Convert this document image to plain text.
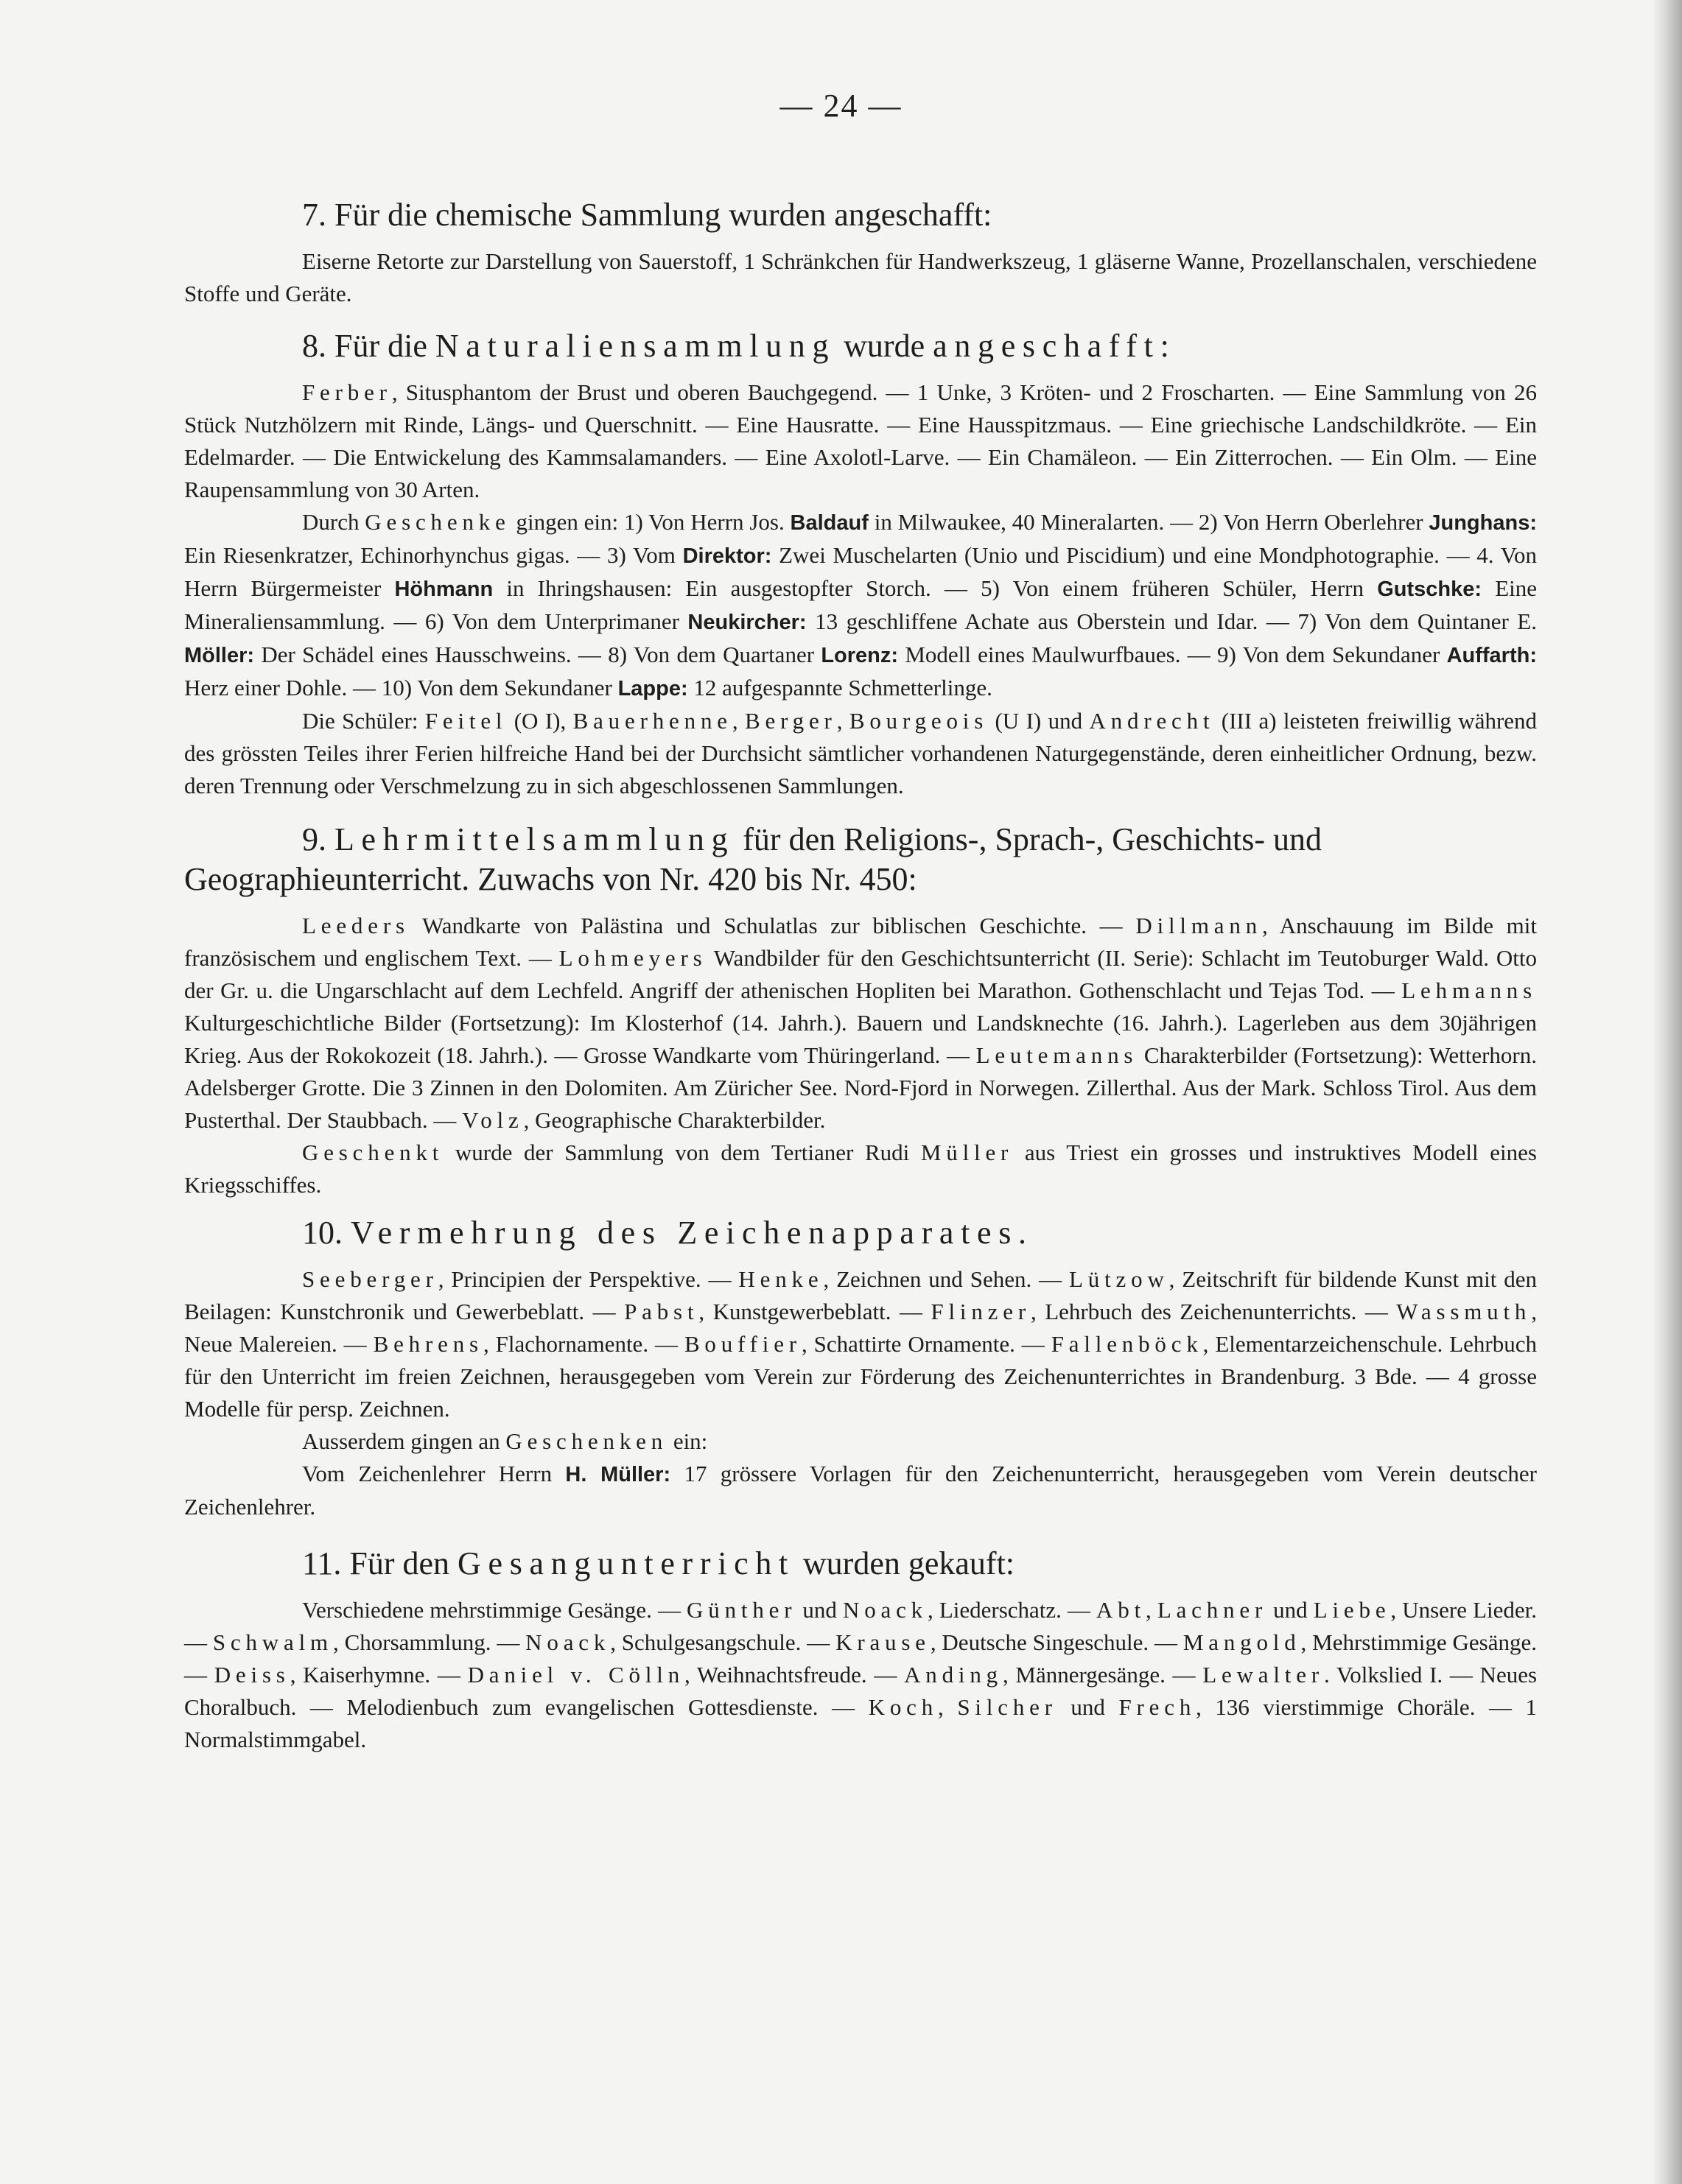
— 24 —

7. Für die chemische Sammlung wurden angeschafft:

Eiserne Retorte zur Darstellung von Sauerstoff, 1 Schränkchen für Handwerkszeug, 1 gläserne Wanne, Prozellanschalen, verschiedene Stoffe und Geräte.

8. Für die Naturaliensammlung wurde angeschafft:

Ferber, Situsphantom der Brust und oberen Bauchgegend. — 1 Unke, 3 Kröten- und 2 Froscharten. — Eine Sammlung von 26 Stück Nutzhölzern mit Rinde, Längs- und Querschnitt. — Eine Hausratte. — Eine Hausspitzmaus. — Eine griechische Landschildkröte. — Ein Edelmarder. — Die Entwickelung des Kammsalamanders. — Eine Axolotl-Larve. — Ein Chamäleon. — Ein Zitterrochen. — Ein Olm. — Eine Raupensammlung von 30 Arten.

Durch Geschenke gingen ein: 1) Von Herrn Jos. Baldauf in Milwaukee, 40 Mineralarten. — 2) Von Herrn Oberlehrer Junghans: Ein Riesenkratzer, Echinorhynchus gigas. — 3) Vom Direktor: Zwei Muschelarten (Unio und Piscidium) und eine Mondphotographie. — 4. Von Herrn Bürgermeister Höhmann in Ihringshausen: Ein ausgestopfter Storch. — 5) Von einem früheren Schüler, Herrn Gutschke: Eine Mineraliensammlung. — 6) Von dem Unterprimaner Neukircher: 13 geschliffene Achate aus Oberstein und Idar. — 7) Von dem Quintaner E. Möller: Der Schädel eines Hausschweins. — 8) Von dem Quartaner Lorenz: Modell eines Maulwurfbaues. — 9) Von dem Sekundaner Auffarth: Herz einer Dohle. — 10) Von dem Sekundaner Lappe: 12 aufgespannte Schmetterlinge.

Die Schüler: Feitel (O I), Bauerhenne, Berger, Bourgeois (U I) und Andrecht (III a) leisteten freiwillig während des grössten Teiles ihrer Ferien hilfreiche Hand bei der Durchsicht sämtlicher vorhandenen Naturgegenstände, deren einheitlicher Ordnung, bezw. deren Trennung oder Verschmelzung zu in sich abgeschlossenen Sammlungen.

9. Lehrmittelsammlung für den Religions-, Sprach-, Geschichts- und Geographieunterricht. Zuwachs von Nr. 420 bis Nr. 450:

Leeders Wandkarte von Palästina und Schulatlas zur biblischen Geschichte. — Dillmann, Anschauung im Bilde mit französischem und englischem Text. — Lohmeyers Wandbilder für den Geschichtsunterricht (II. Serie): Schlacht im Teutoburger Wald. Otto der Gr. u. die Ungarschlacht auf dem Lechfeld. Angriff der athenischen Hopliten bei Marathon. Gothenschlacht und Tejas Tod. — Lehmanns Kulturgeschichtliche Bilder (Fortsetzung): Im Klosterhof (14. Jahrh.). Bauern und Landsknechte (16. Jahrh.). Lagerleben aus dem 30jährigen Krieg. Aus der Rokokozeit (18. Jahrh.). — Grosse Wandkarte vom Thüringerland. — Leutemanns Charakterbilder (Fortsetzung): Wetterhorn. Adelsberger Grotte. Die 3 Zinnen in den Dolomiten. Am Züricher See. Nord-Fjord in Norwegen. Zillerthal. Aus der Mark. Schloss Tirol. Aus dem Pusterthal. Der Staubbach. — Volz, Geographische Charakterbilder.

Geschenkt wurde der Sammlung von dem Tertianer Rudi Müller aus Triest ein grosses und instruktives Modell eines Kriegsschiffes.

10. Vermehrung des Zeichenapparates.

Seeberger, Principien der Perspektive. — Henke, Zeichnen und Sehen. — Lützow, Zeitschrift für bildende Kunst mit den Beilagen: Kunstchronik und Gewerbeblatt. — Pabst, Kunstgewerbeblatt. — Flinzer, Lehrbuch des Zeichenunterrichts. — Wassmuth, Neue Malereien. — Behrens, Flachornamente. — Bouffier, Schattirte Ornamente. — Fallenböck, Elementarzeichenschule. Lehrbuch für den Unterricht im freien Zeichnen, herausgegeben vom Verein zur Förderung des Zeichenunterrichtes in Brandenburg. 3 Bde. — 4 grosse Modelle für persp. Zeichnen.

Ausserdem gingen an Geschenken ein:

Vom Zeichenlehrer Herrn H. Müller: 17 grössere Vorlagen für den Zeichenunterricht, herausgegeben vom Verein deutscher Zeichenlehrer.

11. Für den Gesangunterricht wurden gekauft:

Verschiedene mehrstimmige Gesänge. — Günther und Noack, Liederschatz. — Abt, Lachner und Liebe, Unsere Lieder. — Schwalm, Chorsammlung. — Noack, Schulgesangschule. — Krause, Deutsche Singeschule. — Mangold, Mehrstimmige Gesänge. — Deiss, Kaiserhymne. — Daniel v. Cölln, Weihnachtsfreude. — Anding, Männergesänge. — Lewalter. Volkslied I. — Neues Choralbuch. — Melodienbuch zum evangelischen Gottesdienste. — Koch, Silcher und Frech, 136 vierstimmige Choräle. — 1 Normalstimmgabel.
